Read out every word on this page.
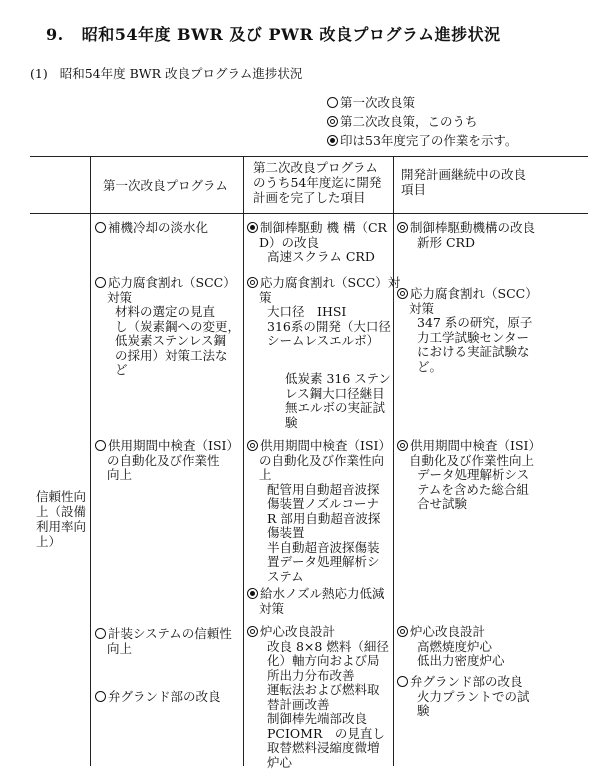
9. 昭和54年度 BWR 及び PWR 改良プログラム進捗状況
(1) 昭和54年度 BWR 改良プログラム進捗状況
第一次改良策
第二次改良策，このうち
印は53年度完了の作業を示す。
第一次改良プログラム
第二次改良プログラム
のうち54年度迄に開発
計画を完了した項目
開発計画継続中の改良
項目
信頼性向
上（設備
利用率向
上）
補機冷却の淡水化
応力腐食割れ（SCC）
対策
材料の選定の見直
し（炭素鋼への変更，
低炭素ステンレス鋼
の採用）対策工法な
ど
供用期間中検査（ISI）
の自動化及び作業性
向上
計装システムの信頼性
向上
弁グランド部の改良
制御棒駆動 機 構（CR
D）の改良
高速スクラム CRD
応力腐食割れ（SCC）対
策
大口径　IHSI
316系の開発（大口径
シームレスエルボ）
低炭素 316 ステン
レス鋼大口径継目
無エルボの実証試
験
供用期間中検査（ISI）
の自動化及び作業性向
上
配管用自動超音波探
傷装置ノズルコーナ
R 部用自動超音波探
傷装置
半自動超音波探傷装
置データ処理解析シ
ステム
給水ノズル熱応力低減
対策
炉心改良設計
改良 8×8 燃料（細径
化）軸方向および局
所出力分布改善
運転法および燃料取
替計画改善
制御棒先端部改良
PCIOMR　の見直し
取替燃料浸縮度微増
炉心
制御棒駆動機構の改良
新形 CRD
応力腐食割れ（SCC）
対策
347 系の研究，原子
力工学試験センター
における実証試験な
ど。
供用期間中検査（ISI）
自動化及び作業性向上
データ処理解析シス
テムを含めた総合組
合せ試験
炉心改良設計
高燃焼度炉心
低出力密度炉心
弁グランド部の改良
火力プラントでの試
験
